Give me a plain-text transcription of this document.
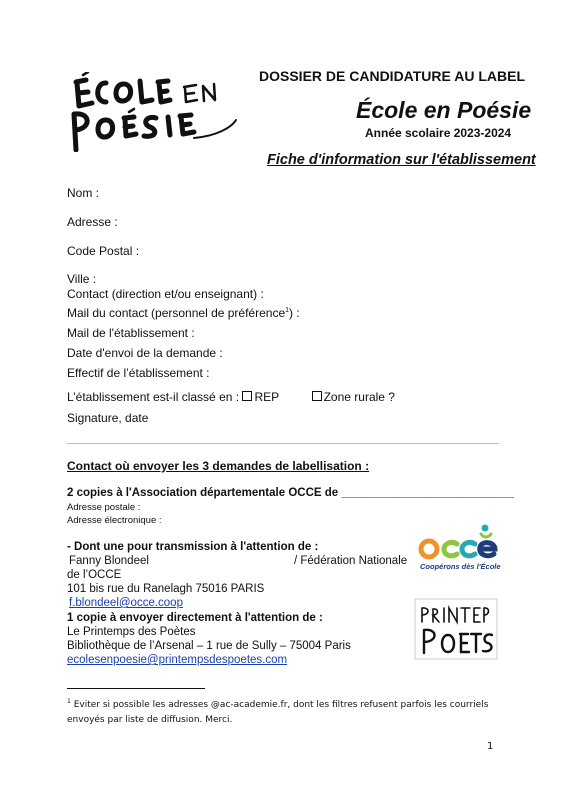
DOSSIER DE CANDIDATURE AU LABEL
École en Poésie
Année scolaire 2023-2024
Fiche d'information sur l'établissement
Nom :
Adresse :
Code Postal :
Ville :
Contact (direction et/ou enseignant) :
Mail du contact (personnel de préférence$^1$) :
Mail de l'établissement :
Date d'envoi de la demande :
Effectif de l’établissement :
L’établissement est-il classé en : REP	Zone rurale ?
Signature, date
Contact où envoyer les 3 demandes de labellisation :
2 copies à l'Association départementale OCCE de ___________________________
Adresse postale :
Adresse électronique :
- Dont une pour transmission à l'attention de :
Fanny Blondeel	/ Fédération Nationale
de l’OCCE
101 bis rue du Ranelagh 75016 PARIS
f.blondeel@occe.coop
1 copie à envoyer directement à l'attention de :
Le Printemps des Poètes
Bibliothèque de l’Arsenal – 1 rue de Sully – 75004 Paris
ecolesenpoesie@printempsdespoetes.com
Coopérons dès l'École
$^1$ Eviter si possible les adresses @ac-academie.fr, dont les filtres refusent parfois les courriels envoyés par liste de diffusion. Merci.
1
